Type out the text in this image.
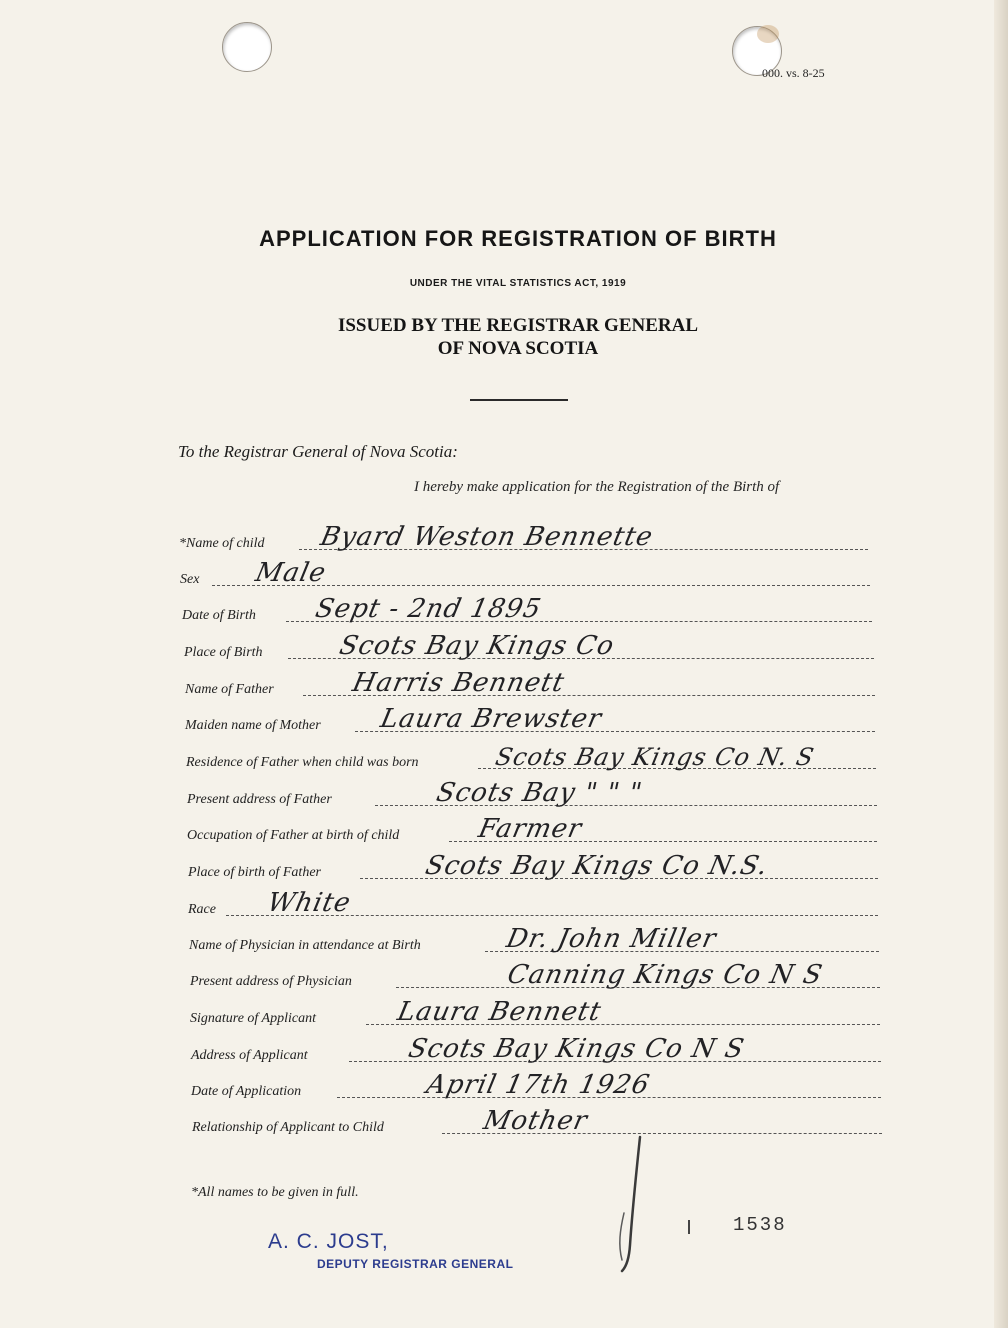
000. vs. 8-25
APPLICATION FOR REGISTRATION OF BIRTH
UNDER THE VITAL STATISTICS ACT, 1919
ISSUED BY THE REGISTRAR GENERAL
OF NOVA SCOTIA
To the Registrar General of Nova Scotia:
I hereby make application for the Registration of the Birth of
*Name of child Byard Weston Bennette
Sex Male
Date of Birth Sept - 2nd 1895
Place of Birth	Scots Bay Kings Co
Name of Father	Harris Bennett
Maiden name of Mother Laura Brewster
Residence of Father when child was born	Scots Bay Kings Co N. S
Present address of Father	Scots Bay " " "
Occupation of Father at birth of child	Farmer
Place of birth of Father	Scots Bay Kings Co N.S.
Race White
Name of Physician in attendance at Birth	Dr. John Miller
Present address of Physician	Canning Kings Co N S
Signature of Applicant	Laura Bennett
Address of Applicant	Scots Bay Kings Co N S
Date of Application	April 17th 1926
Relationship of Applicant to Child	Mother
*All names to be given in full.
1538
A. C. JOST,
DEPUTY REGISTRAR GENERAL
